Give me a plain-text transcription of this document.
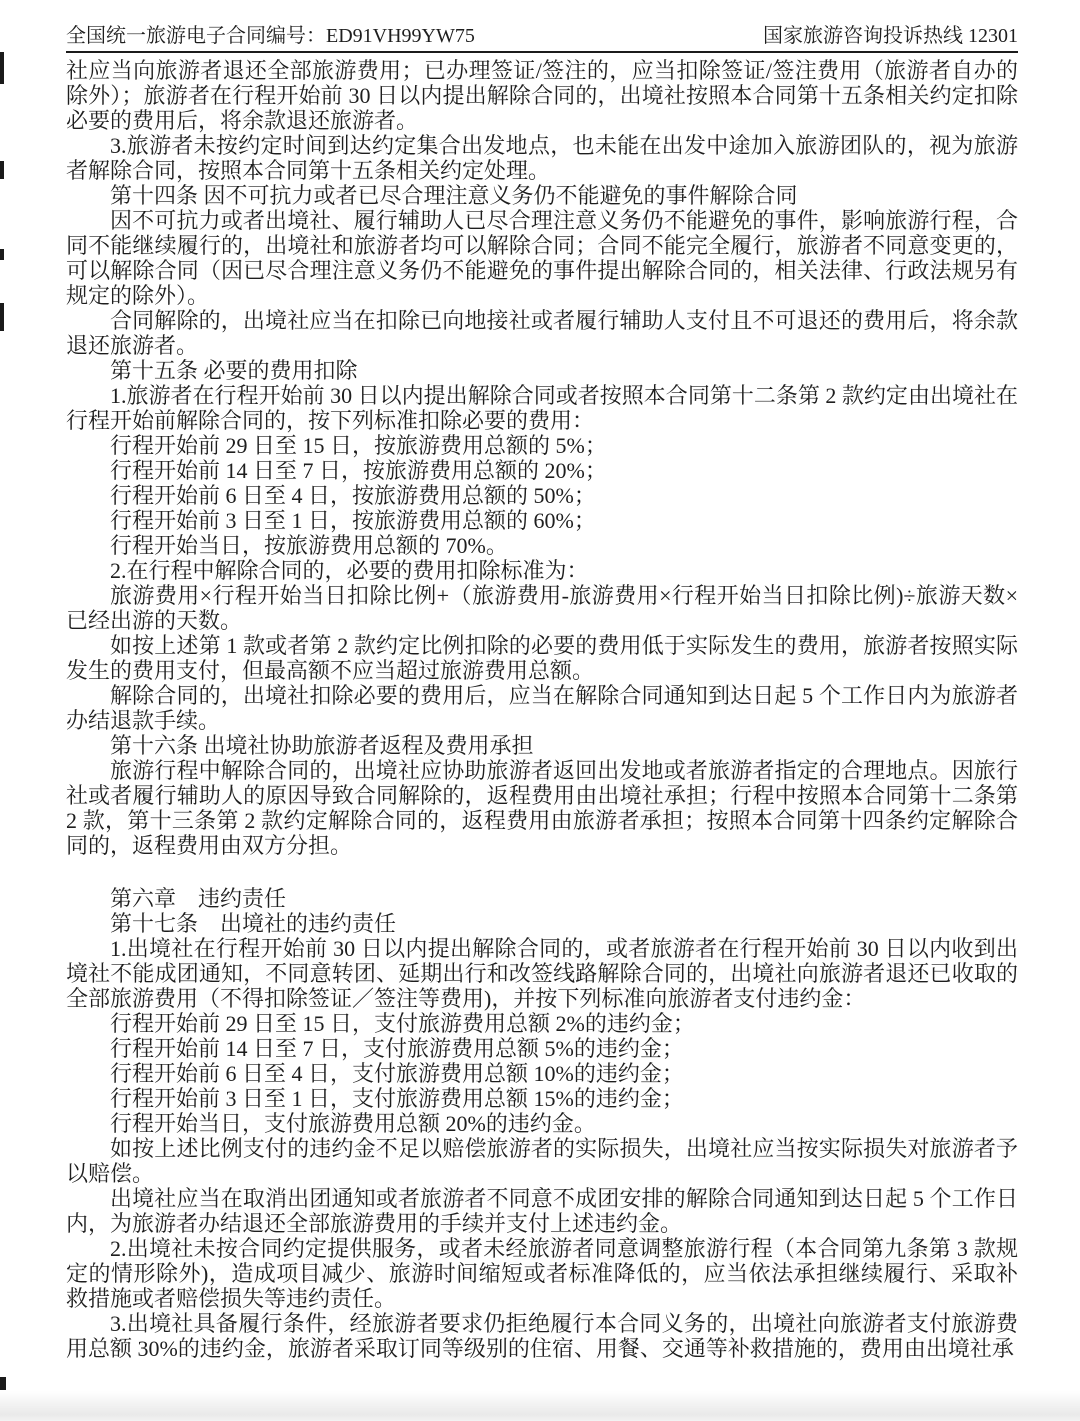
全国统一旅游电子合同编号： ED91VH99YW75	国家旅游咨询投诉热线 12301

社应当向旅游者退还全部旅游费用；已办理签证/签注的，应当扣除签证/签注费用（旅游者自办的除外）；旅游者在行程开始前 30 日以内提出解除合同的，出境社按照本合同第十五条相关约定扣除必要的费用后，将余款退还旅游者。

3.旅游者未按约定时间到达约定集合出发地点，也未能在出发中途加入旅游团队的，视为旅游者解除合同，按照本合同第十五条相关约定处理。

第十四条 因不可抗力或者已尽合理注意义务仍不能避免的事件解除合同

因不可抗力或者出境社、履行辅助人已尽合理注意义务仍不能避免的事件，影响旅游行程，合同不能继续履行的，出境社和旅游者均可以解除合同；合同不能完全履行，旅游者不同意变更的，可以解除合同（因已尽合理注意义务仍不能避免的事件提出解除合同的，相关法律、行政法规另有规定的除外）。

合同解除的，出境社应当在扣除已向地接社或者履行辅助人支付且不可退还的费用后，将余款退还旅游者。

第十五条 必要的费用扣除

1.旅游者在行程开始前 30 日以内提出解除合同或者按照本合同第十二条第 2 款约定由出境社在行程开始前解除合同的，按下列标准扣除必要的费用：

行程开始前 29 日至 15 日，按旅游费用总额的 5%；

行程开始前 14 日至 7 日，按旅游费用总额的 20%；

行程开始前 6 日至 4 日，按旅游费用总额的 50%；

行程开始前 3 日至 1 日，按旅游费用总额的 60%；

行程开始当日，按旅游费用总额的 70%。

2.在行程中解除合同的，必要的费用扣除标准为：

旅游费用×行程开始当日扣除比例+（旅游费用-旅游费用×行程开始当日扣除比例)÷旅游天数×已经出游的天数。

如按上述第 1 款或者第 2 款约定比例扣除的必要的费用低于实际发生的费用，旅游者按照实际发生的费用支付，但最高额不应当超过旅游费用总额。

解除合同的，出境社扣除必要的费用后，应当在解除合同通知到达日起 5 个工作日内为旅游者办结退款手续。

第十六条 出境社协助旅游者返程及费用承担

旅游行程中解除合同的，出境社应协助旅游者返回出发地或者旅游者指定的合理地点。因旅行社或者履行辅助人的原因导致合同解除的，返程费用由出境社承担；行程中按照本合同第十二条第 2 款，第十三条第 2 款约定解除合同的，返程费用由旅游者承担；按照本合同第十四条约定解除合同的，返程费用由双方分担。

第六章　违约责任

第十七条　出境社的违约责任

1.出境社在行程开始前 30 日以内提出解除合同的，或者旅游者在行程开始前 30 日以内收到出境社不能成团通知，不同意转团、延期出行和改签线路解除合同的，出境社向旅游者退还已收取的全部旅游费用（不得扣除签证／签注等费用)，并按下列标准向旅游者支付违约金：

行程开始前 29 日至 15 日，支付旅游费用总额 2%的违约金；

行程开始前 14 日至 7 日，支付旅游费用总额 5%的违约金；

行程开始前 6 日至 4 日，支付旅游费用总额 10%的违约金；

行程开始前 3 日至 1 日，支付旅游费用总额 15%的违约金；

行程开始当日，支付旅游费用总额 20%的违约金。

如按上述比例支付的违约金不足以赔偿旅游者的实际损失，出境社应当按实际损失对旅游者予以赔偿。

出境社应当在取消出团通知或者旅游者不同意不成团安排的解除合同通知到达日起 5 个工作日内，为旅游者办结退还全部旅游费用的手续并支付上述违约金。

2.出境社未按合同约定提供服务，或者未经旅游者同意调整旅游行程（本合同第九条第 3 款规定的情形除外)，造成项目减少、旅游时间缩短或者标准降低的，应当依法承担继续履行、采取补救措施或者赔偿损失等违约责任。

3.出境社具备履行条件，经旅游者要求仍拒绝履行本合同义务的，出境社向旅游者支付旅游费用总额 30%的违约金，旅游者采取订同等级别的住宿、用餐、交通等补救措施的，费用由出境社承
